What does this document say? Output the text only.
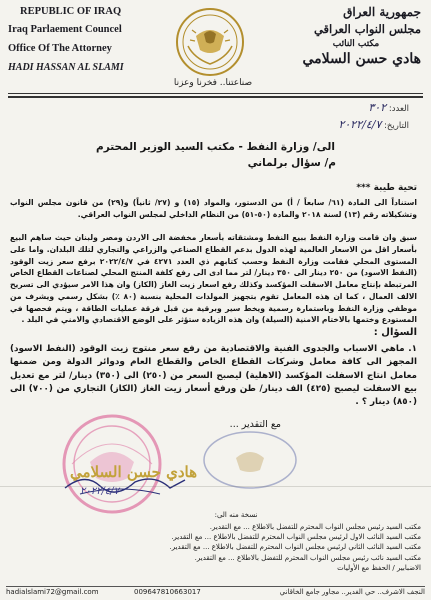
REPUBLIC OF IRAQ
Iraq Parlaement Councel
Office Of The Attorney
HADI HASSAN AL SLAMI
صناعتنا.. فخرنا وعزنا
جمهورية العراق
مجلس النواب العراقي
مكتب النائب
هادي حسن السلامي
العدد: ٣٠٢
التاريخ: ٢٠٢٢/٤/٧
الى/ وزارة النفط - مكتب السيد الوزير المحترم
م/ سؤال برلماني
تحية طيبة ***
استناداً الى المادة (٦١/ سابعاً / أ) من الدستور، والمواد (١٥) و (٢٧/ ثانياً) و(٢٩) من قانون مجلس النواب وتشكيلاته رقم (١٣) لسنة ٢٠١٨ والمادة (٥٠-٥١) من النظام الداخلي لمجلس النواب العراقي.
سبق وان قامت وزارة النفط ببيع النفط ومشتقاته بأسعار مخفضة الى الاردن ومصر ولبنان حيث ساهم البيع بأسعار اقل من الاسعار العالمية لهذه الدول بدعم القطاع الصناعي والزراعي والتجاري لتلك البلدان. واما على المستوى المحلي فقامت وزارة النفط وحسب كتابهم ذي العدد ٤٢٧١ في ٢٠٢٢/٤/٧ برفع سعر زيت الوقود (النفط الاسود) من ٢٥٠ دينار الى ٣٥٠ دينار/ لتر مما ادى الى رفع كلفة المنتج المحلي لصناعات القطاع الخاص المرتبطة بإنتاج معامل الاسفلت المؤكسد وكذلك رفع اسعار زيت الغاز (الكاز) وان هذا الامر سيؤدي الى تسريح الالف العمال ، كما ان هذه المعامل تقوم بتجهيز المولدات المحلية بنسبة (٨٠ ٪) بشكل رسمي ويشرف من موظفي وزارة النفط وباستمارة رسمية ويخط سير وبرقية من قبل فرقة عمليات الطاقة ، ويتم فحصها في المستودع وختمها بالاختام الامنية (السيلة) وان هذه الزيادة ستؤثر على الوضع الاقتصادي والامني في البلد .
السؤال :
١. ماهي الاسباب والجدوى الفنية والاقتصادية من رفع سعر منتوج زيت الوقود (النفط الاسود) المجهز الى كافة معامل وشركات القطاع الخاص والقطاع العام ودوائر الدولة ومن ضمنها معامل انتاج الاسفلت المؤكسد (الاهلية) ليصبح السعر من (٢٥٠) الى (٣٥٠) دينار/ لتر مع تعديل بيع الاسفلت ليصبح (٤٢٥) الف دينار/ طن ورفع أسعار زيت الغاز (الكاز) التجاري من (٧٠٠) الى (٨٥٠) دينار ؟ .
مع التقدير ...
هادي حسن السلامي
٢٠٢٢/٤/٧
نسخة منه الى:
مكتب السيد رئيس مجلس النواب المحترم للتفضل بالاطلاع ... مع التقدير.
مكتب السيد النائب الاول لرئيس مجلس النواب المحترم للتفضل بالاطلاع ... مع التقدير.
مكتب السيد النائب الثاني لرئيس مجلس النواب المحترم للتفضل بالاطلاع ... مع التقدير.
مكتب السيد نائب رئيس مجلس النواب المحترم للتفضل بالاطلاع ... مع التقدير.
الاضبابير / الحفظ مع الأوليات
hadialslami72@gmail.com	009647810663017	النجف الاشرف.. حي الغدير.. مجاور جامع الخاقاني
